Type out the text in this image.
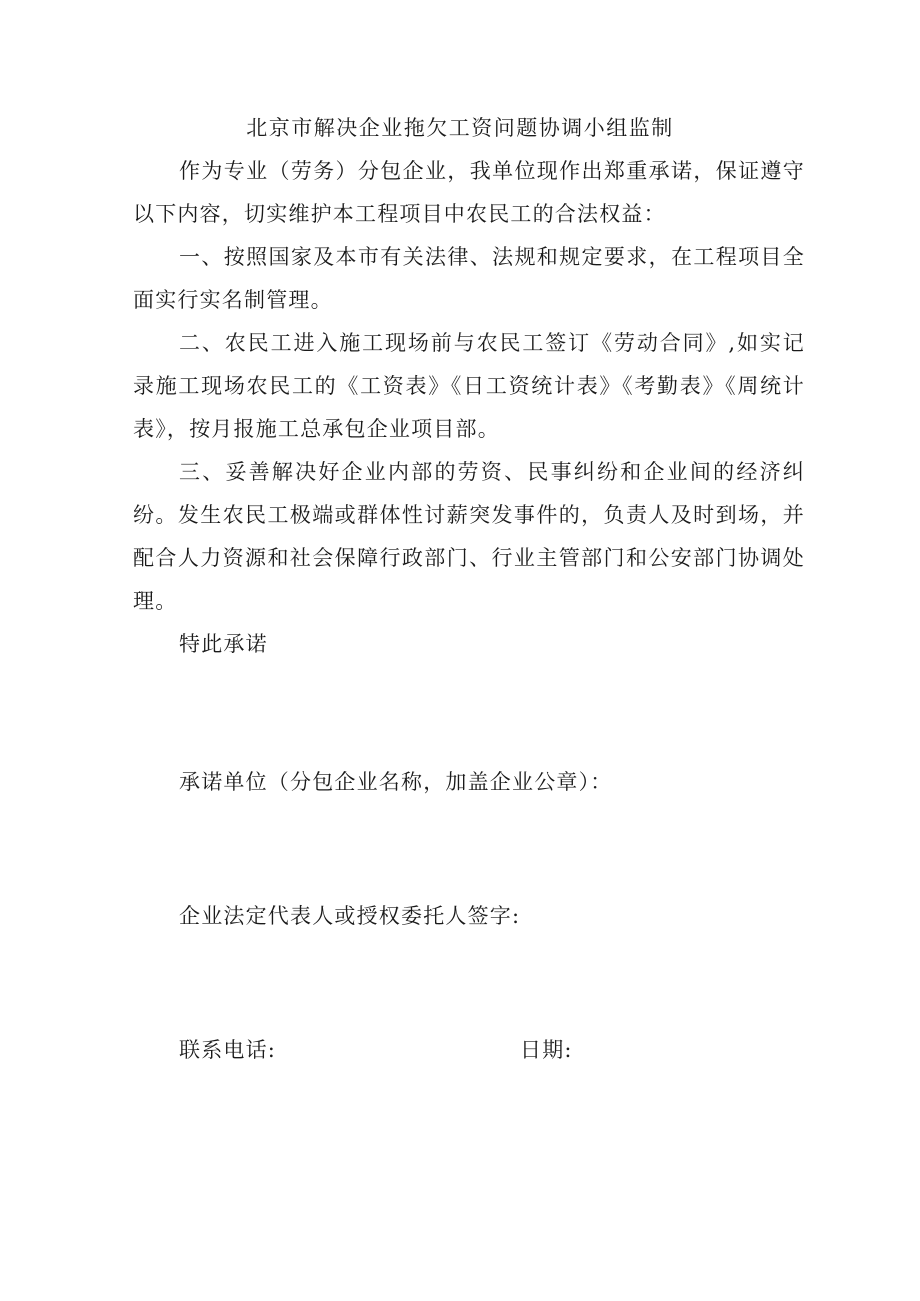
北京市解决企业拖欠工资问题协调小组监制

作为专业（劳务）分包企业，我单位现作出郑重承诺，保证遵守以下内容，切实维护本工程项目中农民工的合法权益：

一、按照国家及本市有关法律、法规和规定要求，在工程项目全面实行实名制管理。

二、农民工进入施工现场前与农民工签订《劳动合同》,如实记录施工现场农民工的《工资表》《日工资统计表》《考勤表》《周统计表》，按月报施工总承包企业项目部。

三、妥善解决好企业内部的劳资、民事纠纷和企业间的经济纠纷。发生农民工极端或群体性讨薪突发事件的，负责人及时到场，并配合人力资源和社会保障行政部门、行业主管部门和公安部门协调处理。

特此承诺

承诺单位（分包企业名称，加盖企业公章）：
企业法定代表人或授权委托人签字:
联系电话:	日期:
